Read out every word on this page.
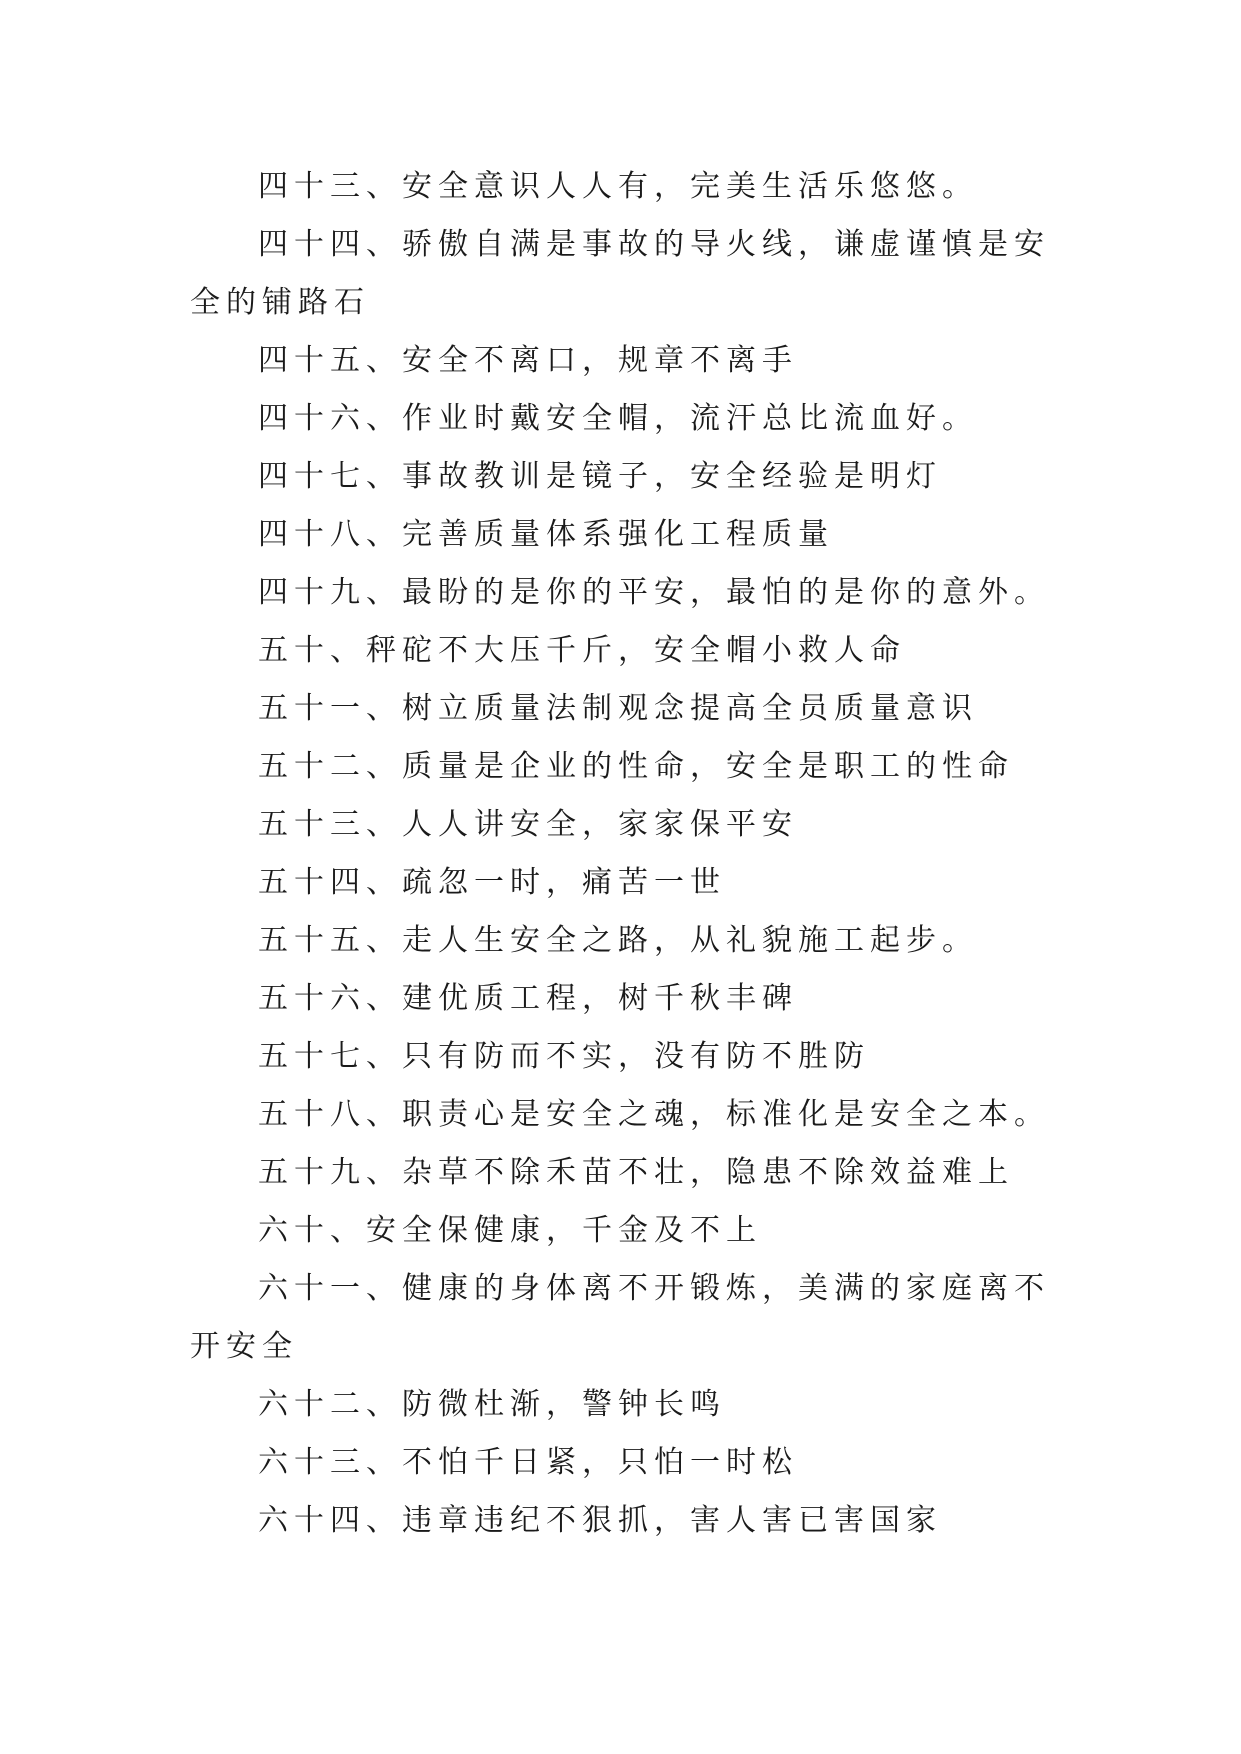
四十三、安全意识人人有，完美生活乐悠悠。

四十四、骄傲自满是事故的导火线，谦虚谨慎是安全的铺路石

四十五、安全不离口，规章不离手

四十六、作业时戴安全帽，流汗总比流血好。

四十七、事故教训是镜子，安全经验是明灯

四十八、完善质量体系强化工程质量

四十九、最盼的是你的平安，最怕的是你的意外。

五十、秤砣不大压千斤，安全帽小救人命

五十一、树立质量法制观念提高全员质量意识

五十二、质量是企业的性命，安全是职工的性命

五十三、人人讲安全，家家保平安

五十四、疏忽一时，痛苦一世

五十五、走人生安全之路，从礼貌施工起步。

五十六、建优质工程，树千秋丰碑

五十七、只有防而不实，没有防不胜防

五十八、职责心是安全之魂，标准化是安全之本。

五十九、杂草不除禾苗不壮，隐患不除效益难上

六十、安全保健康，千金及不上

六十一、健康的身体离不开锻炼，美满的家庭离不开安全

六十二、防微杜渐，警钟长鸣

六十三、不怕千日紧，只怕一时松

六十四、违章违纪不狠抓，害人害已害国家
